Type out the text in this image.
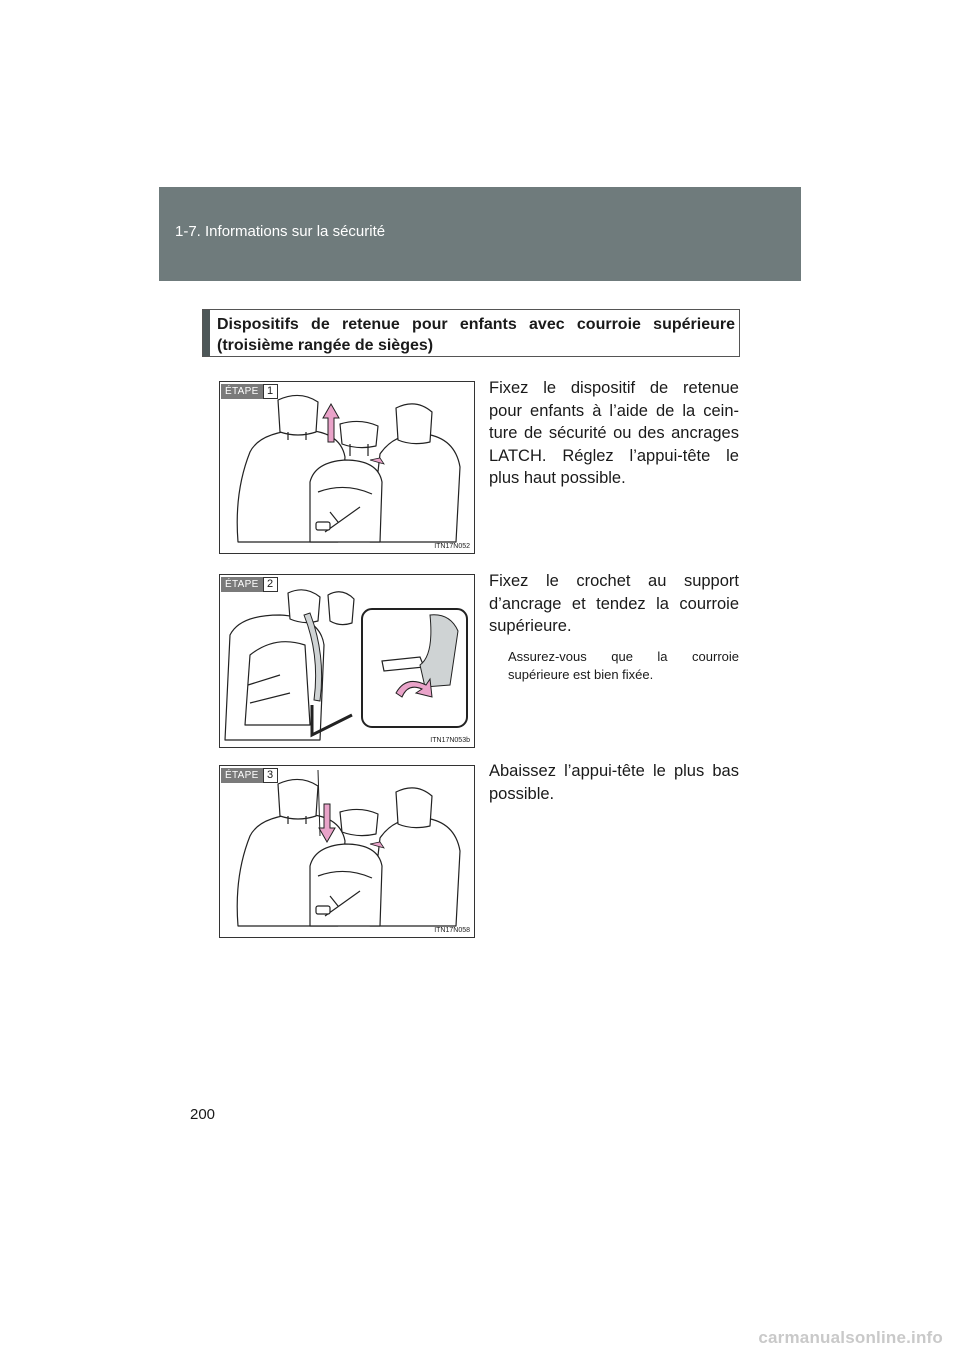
1-7. Informations sur la sécurité
Dispositifs de retenue pour enfants avec courroie supérieure (troisième rangée de sièges)
ÉTAPE 1
ITN17N052
Fixez le dispositif de retenue
pour enfants à l’aide de la cein-
ture de sécurité ou des ancrages
LATCH. Réglez l’appui-tête le
plus haut possible.
ÉTAPE 2
ITN17N053b
Fixez le crochet au support
d’ancrage et tendez la courroie
supérieure.
Assurez-vous que la courroie supérieure est bien fixée.
ÉTAPE 3
ITN17N058
Abaissez l’appui-tête le plus bas
possible.
200
carmanualsonline.info
